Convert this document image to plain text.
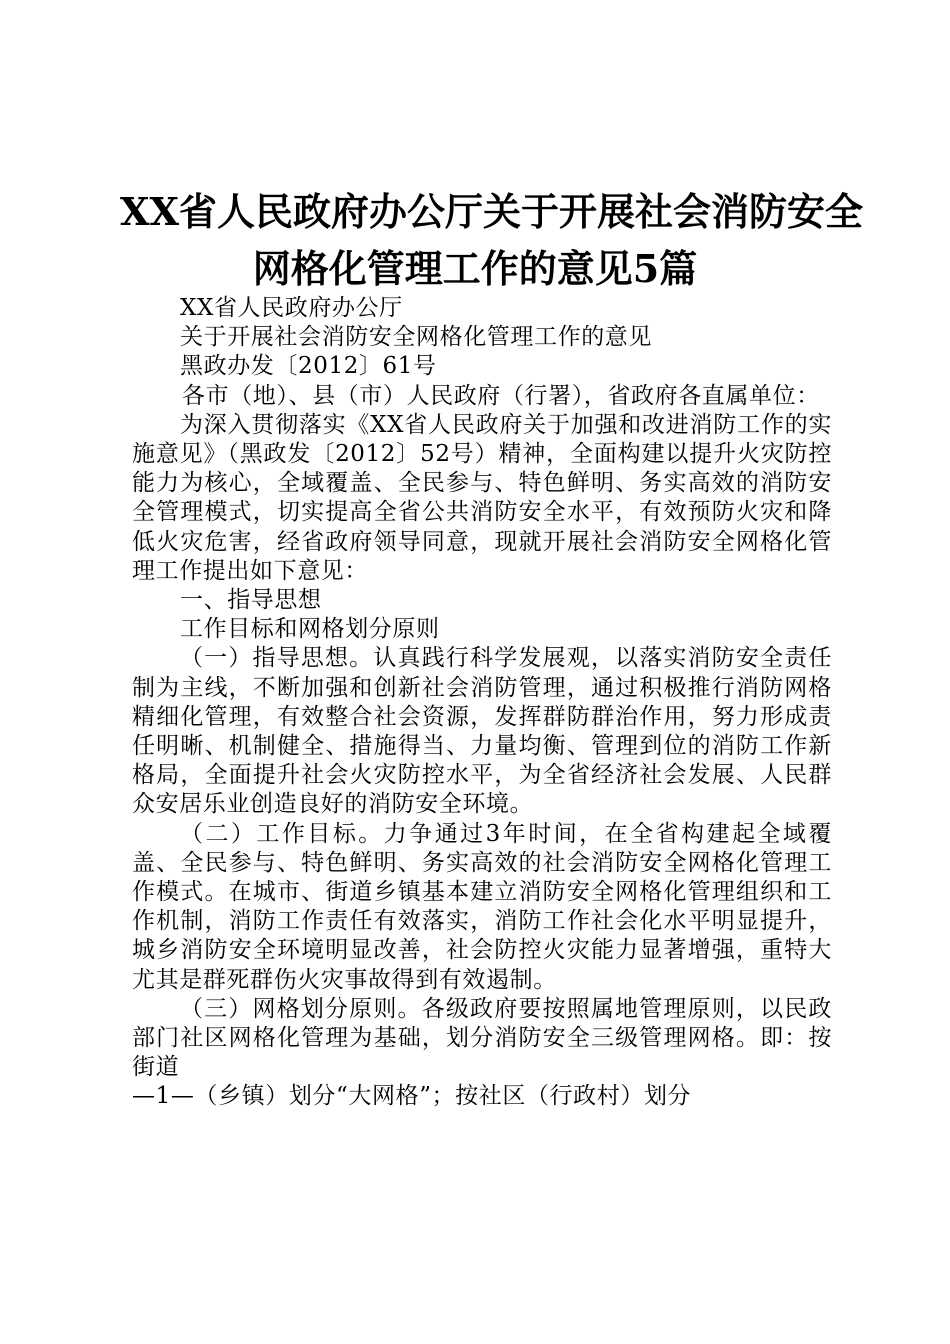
XX省人民政府办公厅关于开展社会消防安全
网格化管理工作的意见5篇

XX省人民政府办公厅

关于开展社会消防安全网格化管理工作的意见

黑政办发〔2012〕61号

各市（地）、县（市）人民政府（行署），省政府各直属单位：

为深入贯彻落实《XX省人民政府关于加强和改进消防工作的实施意见》（黑政发〔2012〕52号）精神，全面构建以提升火灾防控能力为核心，全域覆盖、全民参与、特色鲜明、务实高效的消防安全管理模式，切实提高全省公共消防安全水平，有效预防火灾和降低火灾危害，经省政府领导同意，现就开展社会消防安全网格化管理工作提出如下意见：

一、指导思想

工作目标和网格划分原则

（一）指导思想。认真践行科学发展观，以落实消防安全责任制为主线，不断加强和创新社会消防管理，通过积极推行消防网格精细化管理，有效整合社会资源，发挥群防群治作用，努力形成责任明晰、机制健全、措施得当、力量均衡、管理到位的消防工作新格局，全面提升社会火灾防控水平，为全省经济社会发展、人民群众安居乐业创造良好的消防安全环境。

（二）工作目标。力争通过3年时间，在全省构建起全域覆盖、全民参与、特色鲜明、务实高效的社会消防安全网格化管理工作模式。在城市、街道乡镇基本建立消防安全网格化管理组织和工作机制，消防工作责任有效落实，消防工作社会化水平明显提升，城乡消防安全环境明显改善，社会防控火灾能力显著增强，重特大尤其是群死群伤火灾事故得到有效遏制。

（三）网格划分原则。各级政府要按照属地管理原则，以民政部门社区网格化管理为基础，划分消防安全三级管理网格。即：按街道

—1—（乡镇）划分“大网格”；按社区（行政村）划分
